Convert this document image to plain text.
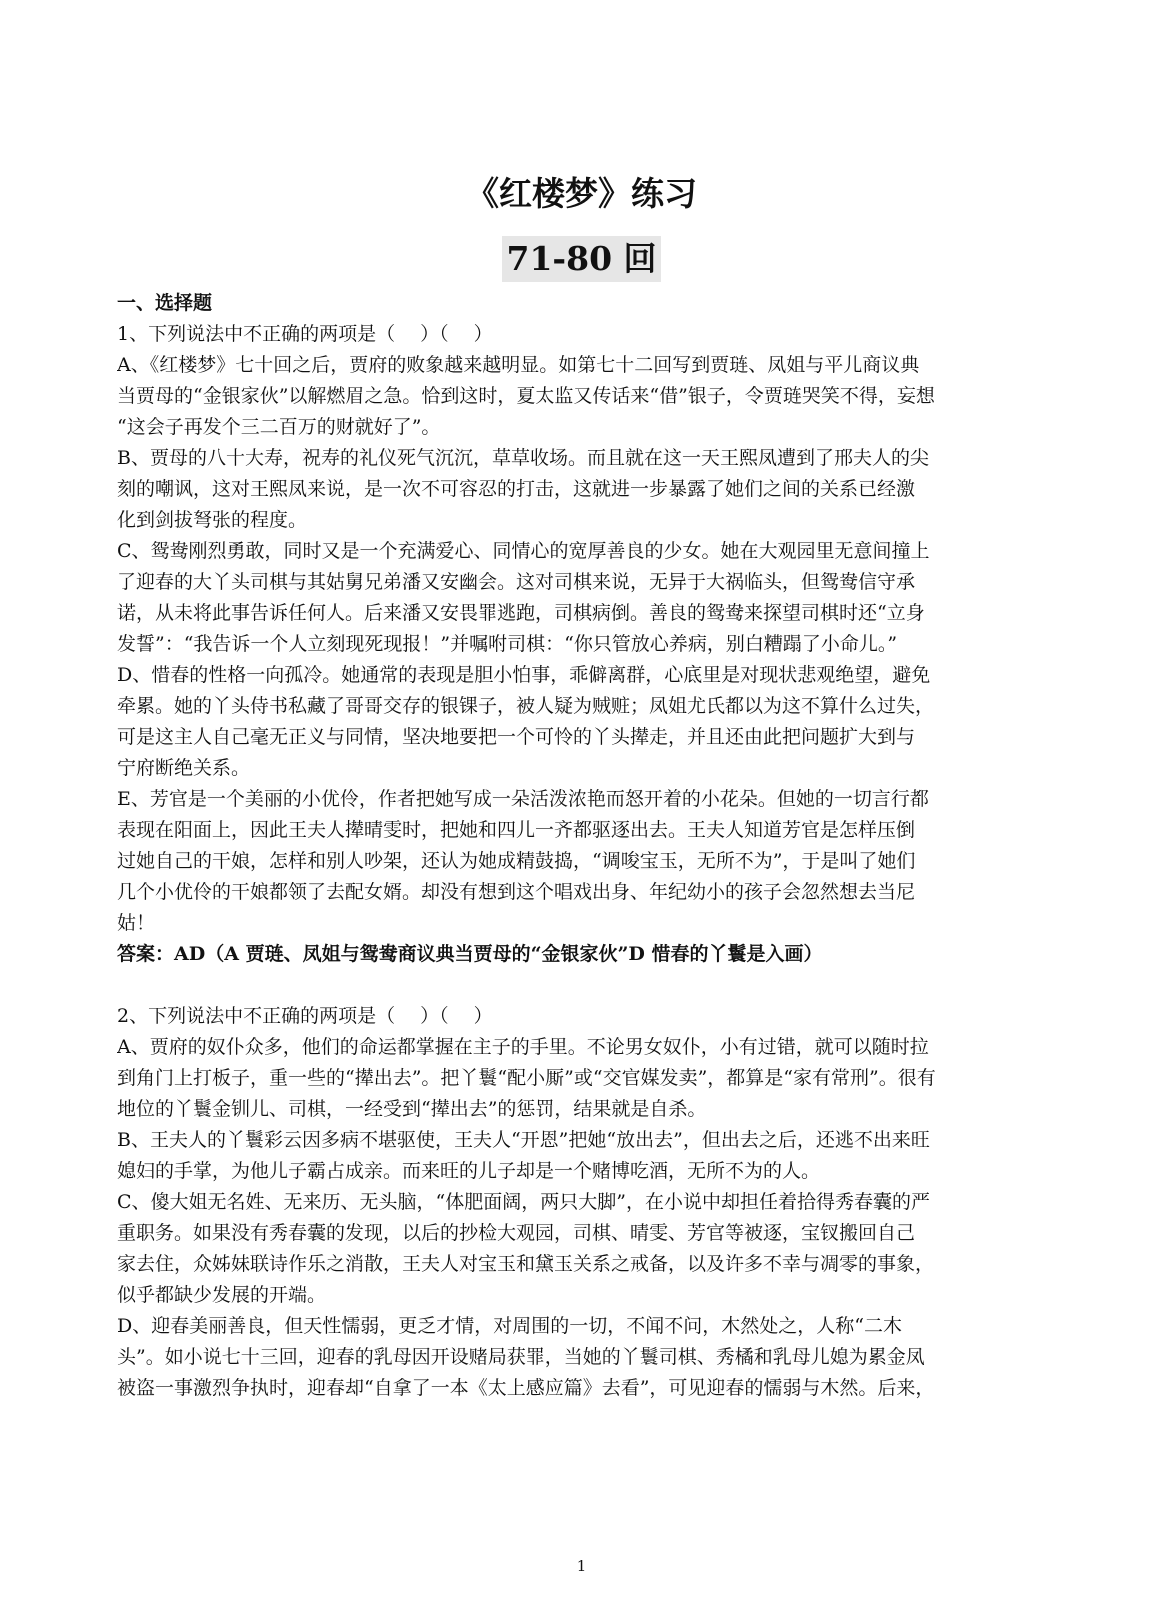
《红楼梦》练习
71-80 回
一、选择题
1、下列说法中不正确的两项是（　 ）（　 ）
A、《红楼梦》七十回之后，贾府的败象越来越明显。如第七十二回写到贾琏、凤姐与平儿商议典
当贾母的“金银家伙”以解燃眉之急。恰到这时，夏太监又传话来“借”银子，令贾琏哭笑不得，妄想
“这会子再发个三二百万的财就好了”。
B、贾母的八十大寿，祝寿的礼仪死气沉沉，草草收场。而且就在这一天王熙凤遭到了邢夫人的尖
刻的嘲讽，这对王熙凤来说，是一次不可容忍的打击，这就进一步暴露了她们之间的关系已经激
化到剑拔弩张的程度。
C、鸳鸯刚烈勇敢，同时又是一个充满爱心、同情心的宽厚善良的少女。她在大观园里无意间撞上
了迎春的大丫头司棋与其姑舅兄弟潘又安幽会。这对司棋来说，无异于大祸临头，但鸳鸯信守承
诺，从未将此事告诉任何人。后来潘又安畏罪逃跑，司棋病倒。善良的鸳鸯来探望司棋时还“立身
发誓”：“我告诉一个人立刻现死现报！”并嘱咐司棋：“你只管放心养病，别白糟蹋了小命儿。”
D、惜春的性格一向孤冷。她通常的表现是胆小怕事，乖僻离群，心底里是对现状悲观绝望，避免
牵累。她的丫头侍书私藏了哥哥交存的银锞子，被人疑为贼赃；凤姐尤氏都以为这不算什么过失，
可是这主人自己毫无正义与同情，坚决地要把一个可怜的丫头撵走，并且还由此把问题扩大到与
宁府断绝关系。
E、芳官是一个美丽的小优伶，作者把她写成一朵活泼浓艳而怒开着的小花朵。但她的一切言行都
表现在阳面上，因此王夫人撵晴雯时，把她和四儿一齐都驱逐出去。王夫人知道芳官是怎样压倒
过她自己的干娘，怎样和别人吵架，还认为她成精鼓捣，“调唆宝玉，无所不为”，于是叫了她们
几个小优伶的干娘都领了去配女婿。却没有想到这个唱戏出身、年纪幼小的孩子会忽然想去当尼
姑！
答案：AD（A 贾琏、凤姐与鸳鸯商议典当贾母的“金银家伙”D 惜春的丫鬟是入画）
2、下列说法中不正确的两项是（　 ）（　 ）
A、贾府的奴仆众多，他们的命运都掌握在主子的手里。不论男女奴仆，小有过错，就可以随时拉
到角门上打板子，重一些的“撵出去”。把丫鬟“配小厮”或“交官媒发卖”，都算是“家有常刑”。很有
地位的丫鬟金钏儿、司棋，一经受到“撵出去”的惩罚，结果就是自杀。
B、王夫人的丫鬟彩云因多病不堪驱使，王夫人“开恩”把她“放出去”，但出去之后，还逃不出来旺
媳妇的手掌，为他儿子霸占成亲。而来旺的儿子却是一个赌博吃酒，无所不为的人。
C、傻大姐无名姓、无来历、无头脑，“体肥面阔，两只大脚”，在小说中却担任着拾得秀春囊的严
重职务。如果没有秀春囊的发现，以后的抄检大观园，司棋、晴雯、芳官等被逐，宝钗搬回自己
家去住，众姊妹联诗作乐之消散，王夫人对宝玉和黛玉关系之戒备，以及许多不幸与凋零的事象，
似乎都缺少发展的开端。
D、迎春美丽善良，但天性懦弱，更乏才情，对周围的一切，不闻不问，木然处之，人称“二木
头”。如小说七十三回，迎春的乳母因开设赌局获罪，当她的丫鬟司棋、秀橘和乳母儿媳为累金凤
被盗一事激烈争执时，迎春却“自拿了一本《太上感应篇》去看”，可见迎春的懦弱与木然。后来，
1
